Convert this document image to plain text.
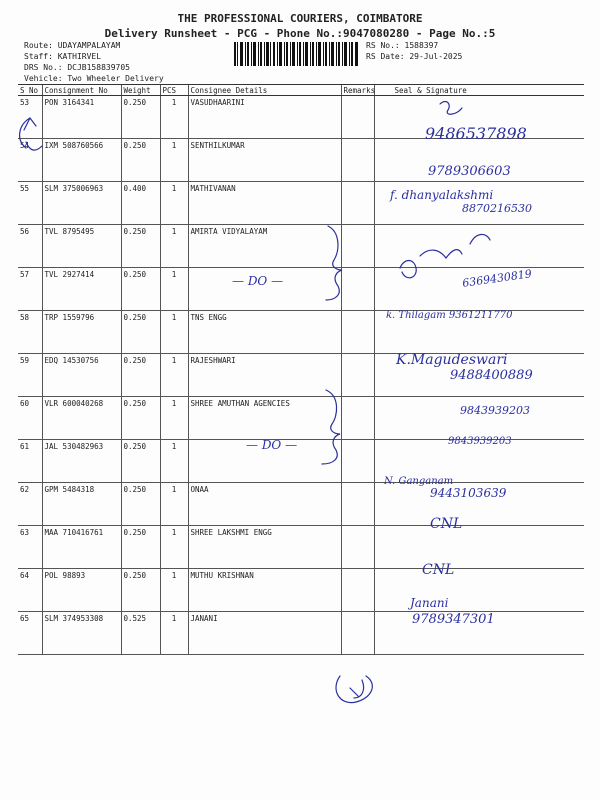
THE PROFESSIONAL COURIERS, COIMBATORE
Delivery Runsheet - PCG - Phone No.:9047080280 - Page No.:5
Route: UDAYAMPALAYAM
Staff: KATHIRVEL
DRS No.: DCJB158839705
Vehicle: Two Wheeler Delivery
RS No.: 1588397
RS Date: 29-Jul-2025
S No	Consignment No	Weight	PCS	Consignee Details	Remarks	Seal & Signature
53	PON 3164341	0.250	1	VASUDHAARINI		
54	IXM 508760566	0.250	1	SENTHILKUMAR		
55	SLM 375006963	0.400	1	MATHIVANAN		
56	TVL 8795495	0.250	1	AMIRTA VIDYALAYAM		
57	TVL 2927414	0.250	1			
58	TRP 1559796	0.250	1	TNS ENGG		
59	EDQ 14530756	0.250	1	RAJESHWARI		
60	VLR 600040268	0.250	1	SHREE AMUTHAN AGENCIES		
61	JAL 530482963	0.250	1			
62	GPM 5484318	0.250	1	ONAA		
63	MAA 710416761	0.250	1	SHREE LAKSHMI ENGG		
64	POL 98893	0.250	1	MUTHU KRISHNAN		
65	SLM 374953308	0.525	1	JANANI		
9486537898
9789306603
f. dhanyalakshmi
8870216530
6369430819
— DO —
k. Thilagam 9361211770
K.Magudeswari
9488400889
9843939203
9843939203
— DO —
N. Ganganam
9443103639
CNL
CNL
Janani
9789347301
